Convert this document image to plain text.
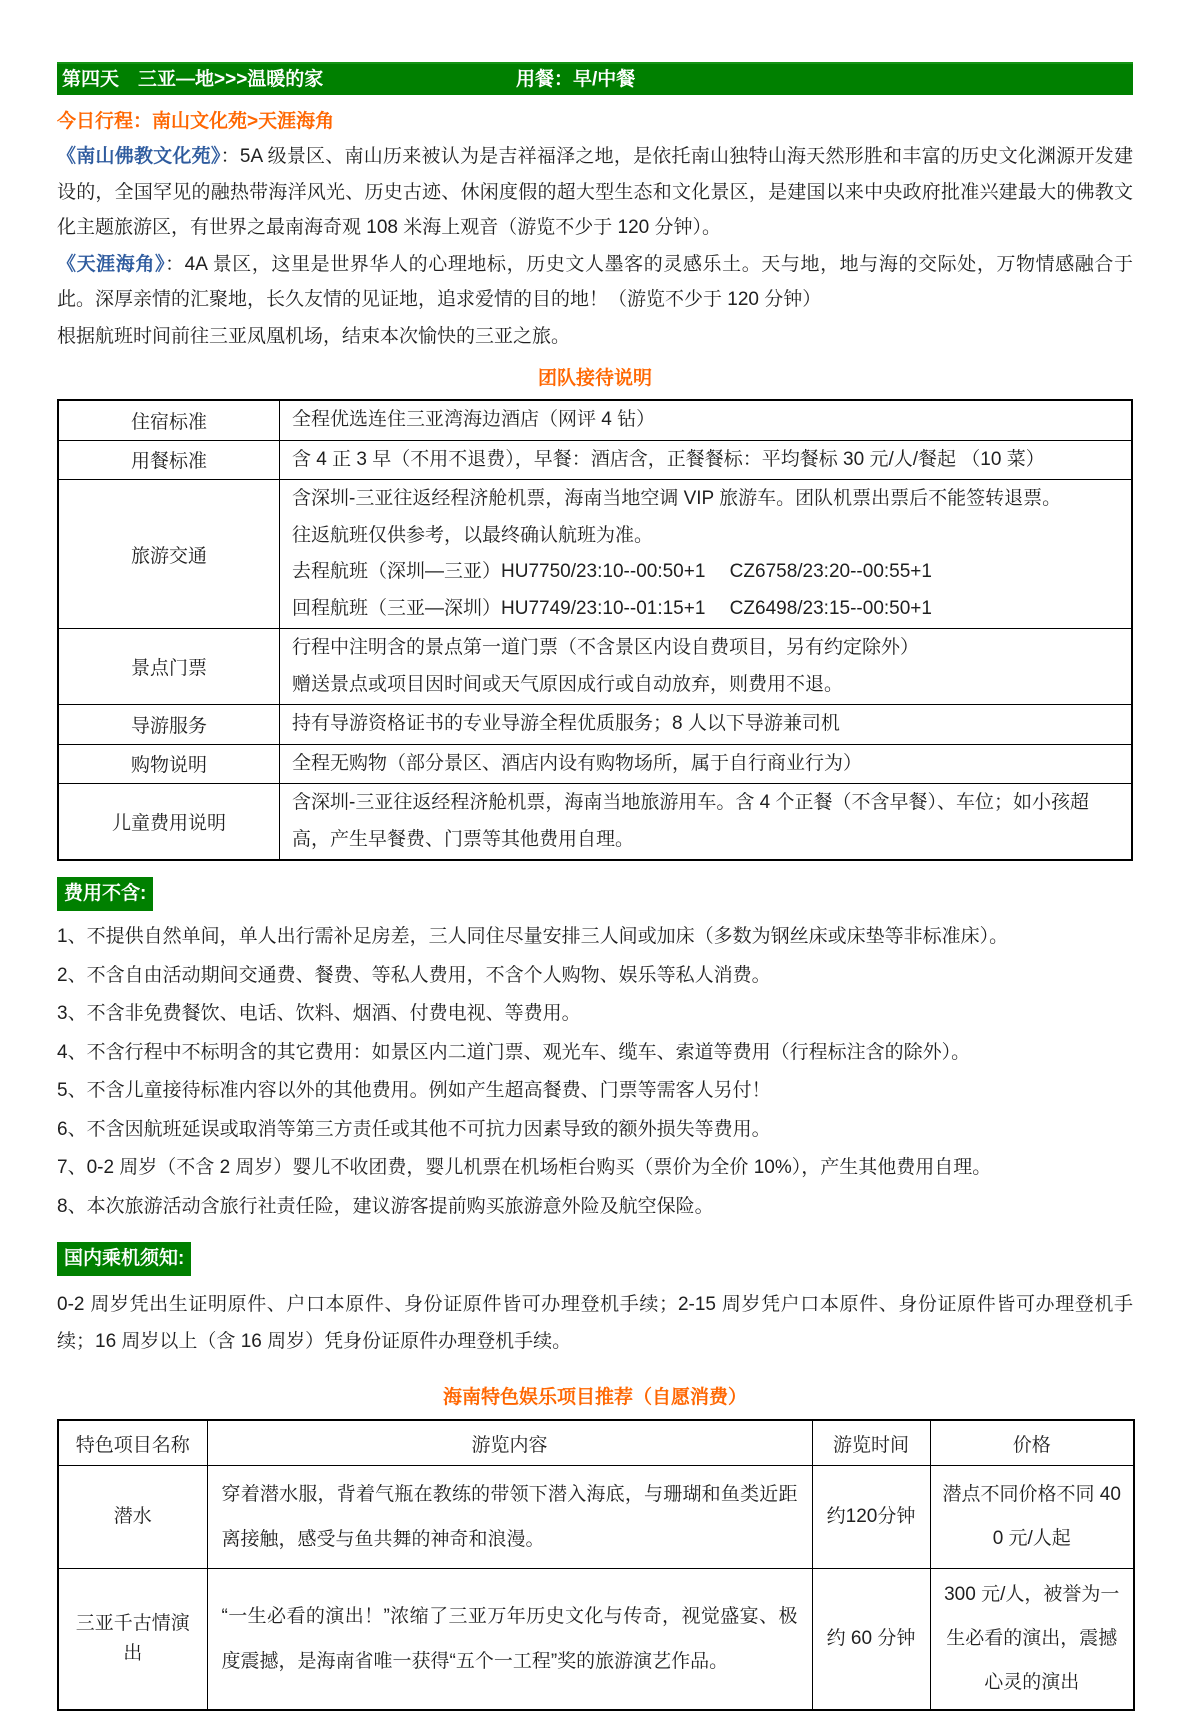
第四天　三亚—地>>>温暖的家	用餐：早/中餐
今日行程：南山文化苑>天涯海角
《南山佛教文化苑》：5A 级景区、南山历来被认为是吉祥福泽之地，是依托南山独特山海天然形胜和丰富的历史文化渊源开发建设的，全国罕见的融热带海洋风光、历史古迹、休闲度假的超大型生态和文化景区，是建国以来中央政府批准兴建最大的佛教文化主题旅游区，有世界之最南海奇观 108 米海上观音（游览不少于 120 分钟）。
《天涯海角》：4A 景区，这里是世界华人的心理地标，历史文人墨客的灵感乐土。天与地，地与海的交际处，万物情感融合于此。深厚亲情的汇聚地，长久友情的见证地，追求爱情的目的地！（游览不少于 120 分钟）
根据航班时间前往三亚凤凰机场，结束本次愉快的三亚之旅。
团队接待说明
住宿标准	全程优选连住三亚湾海边酒店（网评 4 钻）

用餐标准	含 4 正 3 早（不用不退费），早餐：酒店含，正餐餐标：平均餐标 30 元/人/餐起 （10 菜）

旅游交通	含深圳-三亚往返经程济舱机票，海南当地空调 VIP 旅游车。团队机票出票后不能签转退票。
往返航班仅供参考，以最终确认航班为准。
去程航班（深圳—三亚）HU7750/23:10--00:50+1　 CZ6758/23:20--00:55+1
回程航班（三亚—深圳）HU7749/23:10--01:15+1　 CZ6498/23:15--00:50+1

景点门票	行程中注明含的景点第一道门票（不含景区内设自费项目，另有约定除外）
赠送景点或项目因时间或天气原因成行或自动放弃，则费用不退。

导游服务	持有导游资格证书的专业导游全程优质服务；8 人以下导游兼司机

购物说明	全程无购物（部分景区、酒店内设有购物场所，属于自行商业行为）

儿童费用说明	含深圳-三亚往返经程济舱机票，海南当地旅游用车。含 4 个正餐（不含早餐）、车位；如小孩超高，产生早餐费、门票等其他费用自理。
费用不含:
1、不提供自然单间，单人出行需补足房差，三人同住尽量安排三人间或加床（多数为钢丝床或床垫等非标准床）。
2、不含自由活动期间交通费、餐费、等私人费用，不含个人购物、娱乐等私人消费。
3、不含非免费餐饮、电话、饮料、烟酒、付费电视、等费用。
4、不含行程中不标明含的其它费用：如景区内二道门票、观光车、缆车、索道等费用（行程标注含的除外）。
5、不含儿童接待标准内容以外的其他费用。例如产生超高餐费、门票等需客人另付！
6、不含因航班延误或取消等第三方责任或其他不可抗力因素导致的额外损失等费用。
7、0-2 周岁（不含 2 周岁）婴儿不收团费，婴儿机票在机场柜台购买（票价为全价 10%），产生其他费用自理。
8、本次旅游活动含旅行社责任险，建议游客提前购买旅游意外险及航空保险。
国内乘机须知:
0-2 周岁凭出生证明原件、户口本原件、身份证原件皆可办理登机手续；2-15 周岁凭户口本原件、身份证原件皆可办理登机手续；16 周岁以上（含 16 周岁）凭身份证原件办理登机手续。
海南特色娱乐项目推荐（自愿消费）
特色项目名称	游览内容	游览时间	价格
潜水	穿着潜水服，背着气瓶在教练的带领下潜入海底，与珊瑚和鱼类近距离接触，感受与鱼共舞的神奇和浪漫。	约120分钟	潜点不同价格不同 400 元/人起
三亚千古情演出	“一生必看的演出！”浓缩了三亚万年历史文化与传奇，视觉盛宴、极度震撼，是海南省唯一获得“五个一工程”奖的旅游演艺作品。	约 60 分钟	300 元/人，被誉为一生必看的演出，震撼心灵的演出
